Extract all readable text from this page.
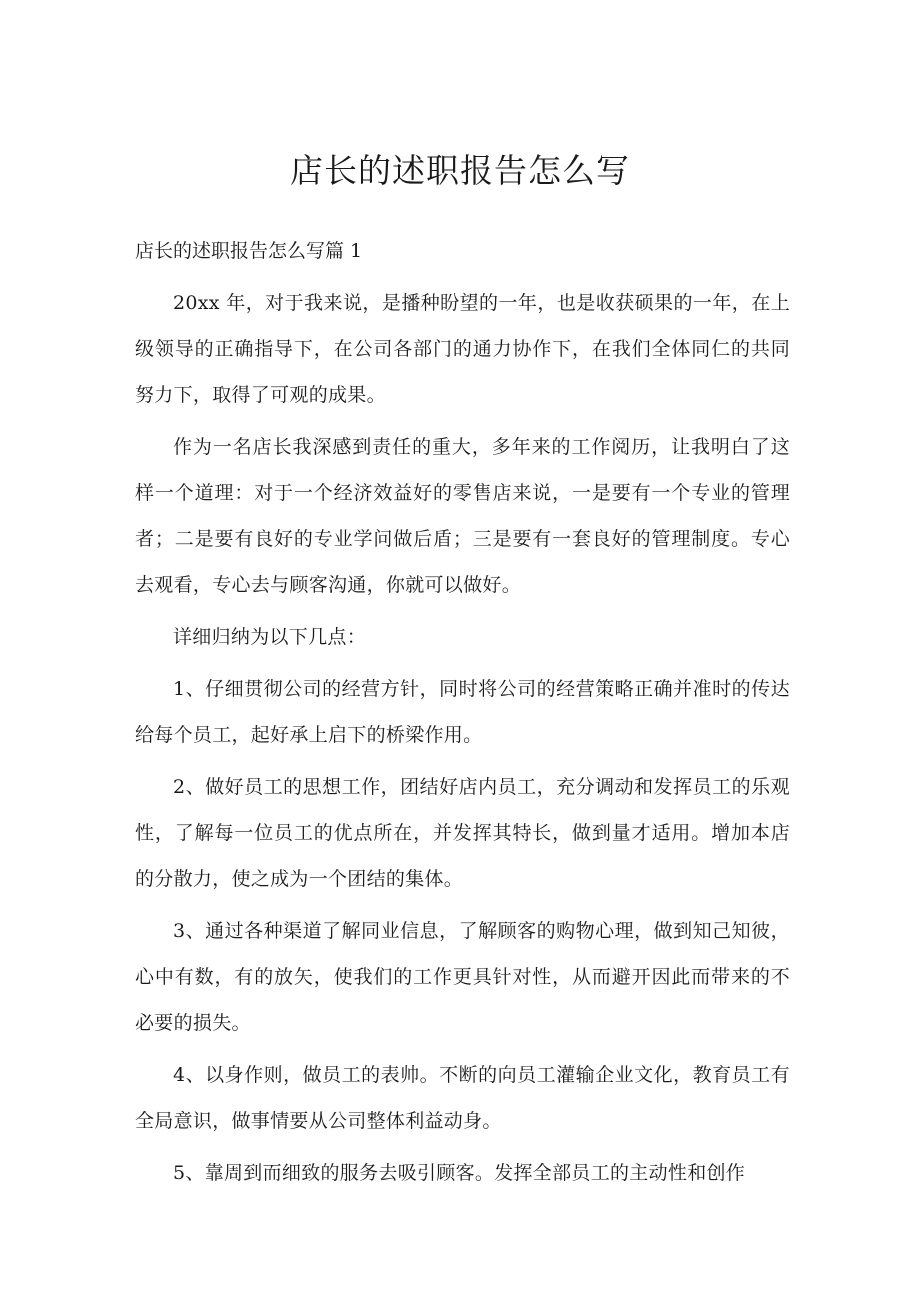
店长的述职报告怎么写
店长的述职报告怎么写篇 1

20xx 年，对于我来说，是播种盼望的一年，也是收获硕果的一年，在上级领导的正确指导下，在公司各部门的通力协作下，在我们全体同仁的共同努力下，取得了可观的成果。

作为一名店长我深感到责任的重大，多年来的工作阅历，让我明白了这样一个道理：对于一个经济效益好的零售店来说，一是要有一个专业的管理者；二是要有良好的专业学问做后盾；三是要有一套良好的管理制度。专心去观看，专心去与顾客沟通，你就可以做好。

详细归纳为以下几点：

1、仔细贯彻公司的经营方针，同时将公司的经营策略正确并准时的传达给每个员工，起好承上启下的桥梁作用。

2、做好员工的思想工作，团结好店内员工，充分调动和发挥员工的乐观性，了解每一位员工的优点所在，并发挥其特长，做到量才适用。增加本店的分散力，使之成为一个团结的集体。

3、通过各种渠道了解同业信息，了解顾客的购物心理，做到知己知彼，心中有数，有的放矢，使我们的工作更具针对性，从而避开因此而带来的不必要的损失。

4、以身作则，做员工的表帅。不断的向员工灌输企业文化，教育员工有全局意识，做事情要从公司整体利益动身。

5、靠周到而细致的服务去吸引顾客。发挥全部员工的主动性和创作
